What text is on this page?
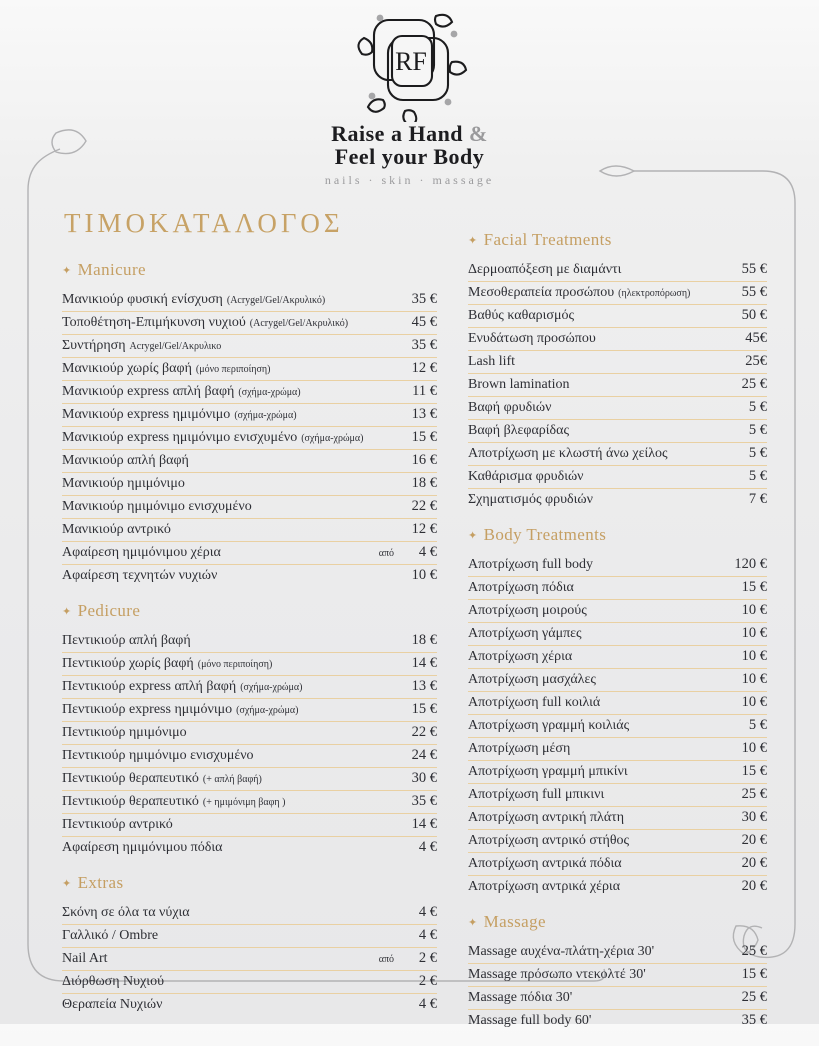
RF
Raise a Hand &
Feel your Body
nails · skin · massage
ΤΙΜΟΚΑΤΑΛΟΓΟΣ
✦ Manicure
Μανικιούρ φυσική ενίσχυση (Acrygel/Gel/Ακρυλικό)	35 €
Τοποθέτηση-Επιμήκυνση νυχιού (Acrygel/Gel/Ακρυλικό)	45 €
Συντήρηση Acrygel/Gel/Ακρυλικο	35 €
Μανικιούρ χωρίς βαφή (μόνο περιποίηση)	12 €
Μανικιούρ express απλή βαφή (σχήμα-χρώμα)	11 €
Μανικιούρ express ημιμόνιμο (σχήμα-χρώμα)	13 €
Μανικιούρ express ημιμόνιμο ενισχυμένο (σχήμα-χρώμα)	15 €
Μανικιούρ απλή βαφή	16 €
Μανικιούρ ημιμόνιμο	18 €
Μανικιούρ ημιμόνιμο ενισχυμένο	22 €
Μανικιούρ αντρικό	12 €
Αφαίρεση ημιμόνιμου χέρια	από	4 €
Αφαίρεση τεχνητών νυχιών	10 €
✦ Pedicure
Πεντικιούρ απλή βαφή	18 €
Πεντικιούρ χωρίς βαφή (μόνο περιποίηση)	14 €
Πεντικιούρ express απλή βαφή (σχήμα-χρώμα)	13 €
Πεντικιούρ express ημιμόνιμο (σχήμα-χρώμα)	15 €
Πεντικιούρ ημιμόνιμο	22 €
Πεντικιούρ ημιμόνιμο ενισχυμένο	24 €
Πεντικιούρ θεραπευτικό (+ απλή βαφή)	30 €
Πεντικιούρ θεραπευτικό (+ ημιμόνιμη βαφη )	35 €
Πεντικιούρ αντρικό	14 €
Αφαίρεση ημιμόνιμου πόδια	4 €
✦ Extras
Σκόνη σε όλα τα νύχια	4 €
Γαλλικό / Ombre	4 €
Nail Art	από	2 €
Διόρθωση Νυχιού	2 €
Θεραπεία Νυχιών	4 €
✦ Facial Treatments
Δερμοαπόξεση με διαμάντι	55 €
Μεσοθεραπεία προσώπου (ηλεκτροπόρωση)	55 €
Βαθύς καθαρισμός	50 €
Ενυδάτωση προσώπου	45€
Lash lift	25€
Brown lamination	25 €
Βαφή φρυδιών	5 €
Βαφή βλεφαρίδας	5 €
Αποτρίχωση με κλωστή άνω χείλος	5 €
Καθάρισμα φρυδιών	5 €
Σχηματισμός φρυδιών	7 €
✦ Body Treatments
Αποτρίχωση full body	120 €
Αποτρίχωση πόδια	15 €
Αποτρίχωση μοιρούς	10 €
Αποτρίχωση γάμπες	10 €
Αποτρίχωση χέρια	10 €
Αποτρίχωση μασχάλες	10 €
Αποτρίχωση full κοιλιά	10 €
Αποτρίχωση γραμμή κοιλιάς	5 €
Αποτρίχωση μέση	10 €
Αποτρίχωση γραμμή μπικίνι	15 €
Αποτρίχωση full μπικινι	25 €
Αποτρίχωση αντρική πλάτη	30 €
Αποτρίχωση αντρικό στήθος	20 €
Αποτρίχωση αντρικά πόδια	20 €
Αποτρίχωση αντρικά χέρια	20 €
✦ Massage
Massage αυχένα-πλάτη-χέρια 30'	25 €
Massage πρόσωπο ντεκολτέ 30'	15 €
Massage πόδια 30'	25 €
Massage full body 60'	35 €
